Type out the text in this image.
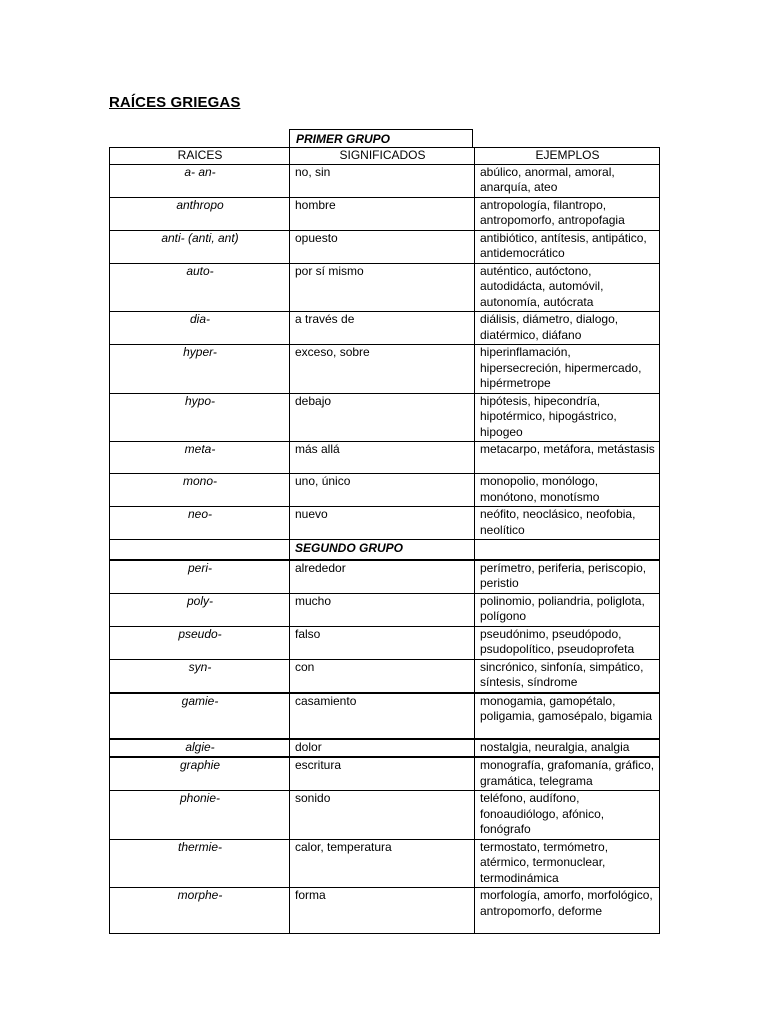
RAÍCES GRIEGAS
PRIMER GRUPO
RAICES	SIGNIFICADOS	EJEMPLOS
a- an-	no, sin	abúlico, anormal, amoral, anarquía, ateo
anthropo	hombre	antropología, filantropo, antropomorfo, antropofagia
anti- (anti, ant)	opuesto	antibiótico, antítesis, antipático, antidemocrático
auto-	por sí mismo	auténtico, autóctono, autodidácta, automóvil, autonomía, autócrata
dia-	a través de	diálisis, diámetro, dialogo, diatérmico, diáfano
hyper-	exceso, sobre	hiperinflamación, hipersecreción, hipermercado, hipérmetrope
hypo-	debajo	hipótesis, hipecondría, hipotérmico, hipogástrico, hipogeo
meta-	más allá	metacarpo, metáfora, metástasis
mono-	uno, único	monopolio, monólogo, monótono, monotísmo
neo-	nuevo	neófito, neoclásico, neofobia, neolítico
	SEGUNDO GRUPO	
peri-	alrededor	perímetro, periferia, periscopio, peristio
poly-	mucho	polinomio, poliandria, poliglota, polígono
pseudo-	falso	pseudónimo, pseudópodo, psudopolítico, pseudoprofeta
syn-	con	sincrónico, sinfonía, simpático, síntesis, síndrome
gamie-	casamiento	monogamia, gamopétalo, poligamia, gamosépalo, bigamia
algie-	dolor	nostalgia, neuralgia, analgia
graphie	escritura	monografía, grafomanía, gráfico, gramática, telegrama
phonie-	sonido	teléfono, audífono, fonoaudiólogo, afónico, fonógrafo
thermie-	calor, temperatura	termostato, termómetro, atérmico, termonuclear, termodinámica
morphe-	forma	morfología, amorfo, morfológico, antropomorfo, deforme
